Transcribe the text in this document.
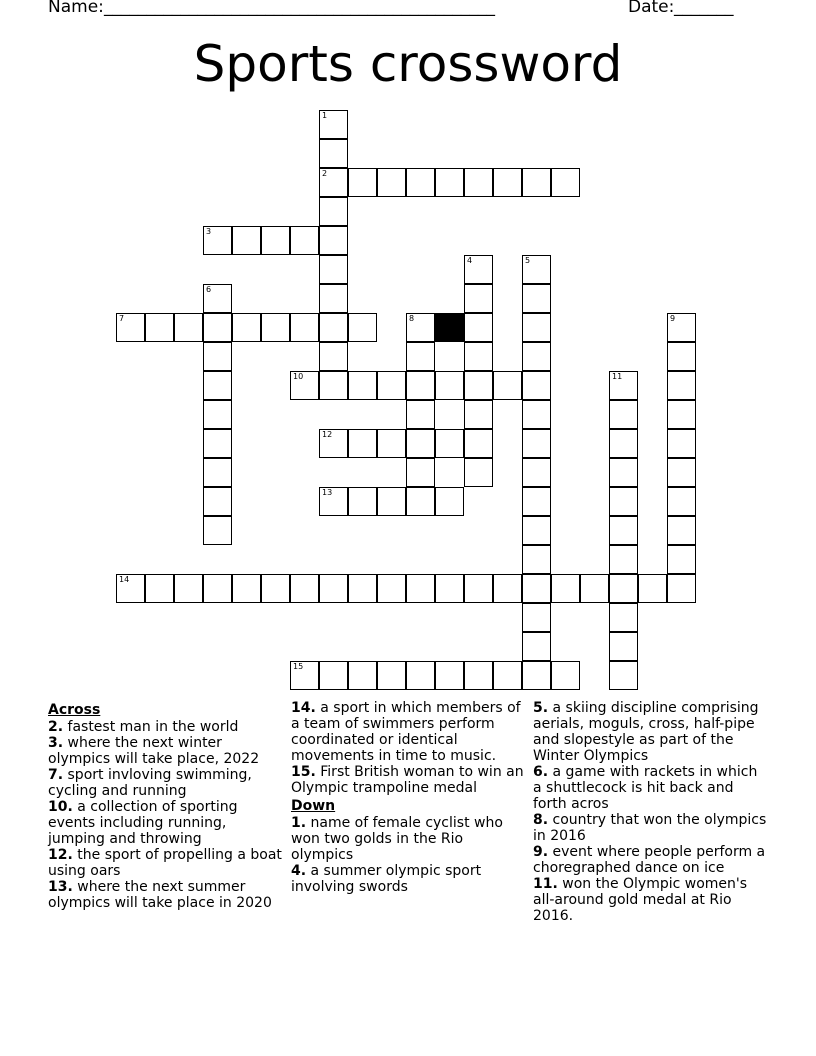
Name: ______________________________________________	Date: _______
Sports crossword
1
2
3
4	5
6
7	8	9
10	11
12
13
14
15
Across
2. fastest man in the world
3. where the next winter olympics will take place, 2022
7. sport invloving swimming, cycling and running
10. a collection of sporting events including running, jumping and throwing
12. the sport of propelling a boat using oars
13. where the next summer olympics will take place in 2020
14. a sport in which members of a team of swimmers perform coordinated or identical movements in time to music.
15. First British woman to win an Olympic trampoline medal
Down
1. name of female cyclist who won two golds in the Rio olympics
4. a summer olympic sport involving swords
5. a skiing discipline comprising aerials, moguls, cross, half-pipe and slopestyle as part of the Winter Olympics
6. a game with rackets in which a shuttlecock is hit back and forth acros
8. country that won the olympics in 2016
9. event where people perform a choregraphed dance on ice
11. won the Olympic women's all-around gold medal at Rio 2016.
